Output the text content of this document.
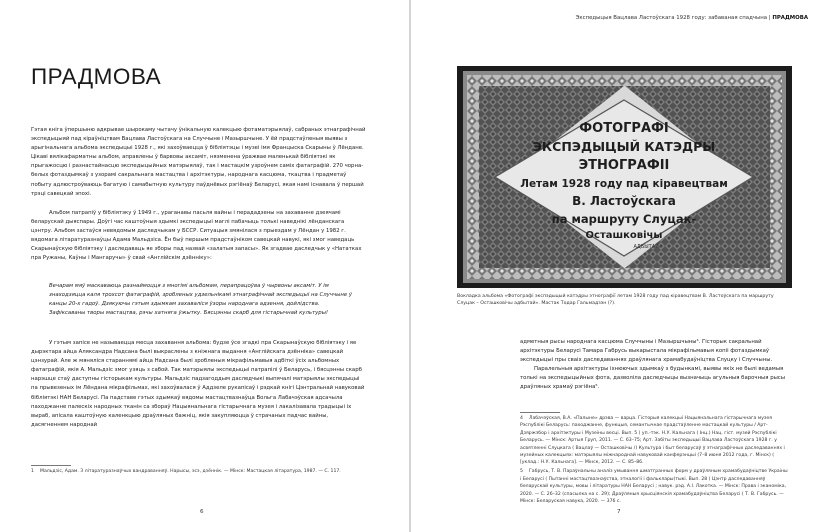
ПРАДМОВА

Гэтая кніга ўпершыню адкрывае шырокаму чытачу ўнікальную калекцыю фотаматэрыялаў, сабраных этнаграфічнай экспедыцыяй пад кіраўніцтвам Вацлава Ластоўскага на Случчыне і Мазыршчыне. У ёй прадстаўленыя выявы з арыгінальнага альбома экспедыцыі 1928 г., які захоўваецца ў бібліятэцы і музеі імя Францыска Скарыны ў Лёндане. Цікаві вялікафарматны альбом, аправлены ў барвовы аксаміт, нязменена ўражвае маленькай бібліятэкі як прыгажосцю і разнастайнасцю экспедыцыйных матэрыялаў, так і мастацкім узроўнем саміх фатаграфій. 270 чорна-белых фотаздымкаў з узорамі сакральнага мастацтва і архітэктуры, народнага касцюма, ткацтва і прадметаў побыту адлюстроўваюць багатую і самабытную культуру паўднёвых рэгіёнаў Беларусі, якая намі існавала ў першай трэці савецкай эпохі.

Альбом патрапіў у бібліятэку ў 1949 г., ураганавы пасьля вайны і перададзены на захаванне дзеячамі беларускай дыяспары. Доўгі час каштоўныя здымкі экспедыцыі маглі пабачыць толькі наведнікі лёнданскага цэнтру. Альбом застаўся невядомым даследчыкам у БССР. Ситуацыя змянілася з прыездам у Лёндан у 1982 г. вядомага літаратуразнаўцы Адама Мальдзіса. Ён быў першым прадстаўніком савецкай навукі, які змог наведаць Скарынаўскую бібліятэку і даследаваць яе зборы пад назвай «залатыя запасы». Як згадвае даследчык у «Нататках пра Ружаны, Каўны і Мангаручы» ў свай «Англійскім дзённіку»:

Вечарам мяў маскаваюць разнаймоцця з многімі альбомам, перапрацоўва ў чырвоны аксаміт. У ім знаходзяцца каля трохсот фатаграфій, зробленых удзельнікамі этнаграфічнай экспедыцыі на Случчыне ў канцы 20-х гадоў. Дзякуючы гэтым здымкам захаваліся ўзоры народнага адзення, дойлідства. Зафіксаваны творы мастацтва, рэчы хатняга ўжытку. Бясцэнны скарб для гістарычнай культуры!

У гэтым запісе не называецца месца захавання альбома: будзе ўсе згадкі пра Скарынаўскую бібліятэку і яе дырэктара айца Аляксандра Надсана былі выкраслены з кніжнага выдання «Англійскага дзённіка» савецкай цэнзурай. Але ж мяняліся стараннямі айца Надсана былі зробленыя мікрафільмавыя адбіткі ўсіх альбомных фатаграфій, якія А. Мальдзіс змог узяць з сабой. Так матэрыялы экспедыцыі патрапілі ў Беларусь, і бясцэнны скарб нарэшце стаў даступны гісторыкам культуры. Мальдзіс падзагоддым даследчыкі выпячалі матэрыялы экспедыцыі па прывезеных ім Лёндана мікрафільмах, які захоўвалася ў Аддзеле рукапісаў і рэдкай кнігі Цэнтральнай навуковай бібліятэкі НАН Беларусі. Па падставе гэтых здымкаў вядомы мастацтвазнаўца Вольга Лабачэўская адсачыла паходжанне палескіх народных тканін са збораў Нацыянальнага гістарычнага музея і лакалізавала традыцыі іх выраб, апісала каштоўную каленкцыю драўляных бажніц, якія закупляюцца ў страчаных падчас вайны, дасягненнем народнай

1 Мальдзіс, Адам. З літаратуразнаўчых вандраванняў. Нарысы, эсэ, дзённік. — Мінск: Мастацкая літаратура, 1987. — С. 117.

6
Экспедыцыя Вацлава Ластоўскага 1928 году: забаваная спадчына | ПРАДМОВА
ФОТОГРАФІ
ЭКСПЭДЫЦЫЙ КАТЭДРЫ
ЭТНОГРАФІІ
Летам 1928 году пад кіравецтвам
В. Ластоўскага
па маршруту Слуцак-
Осташковічы
АДБЫТАЙ.
Вокладка альбома «Фотографі экспэдыцый катэдры этнографії летам 1928 году пад кіравецтвам В. Ластоўскага па маршруту Слуцак – Осташковічы адбытай». Мастак Тодар Гальмадзэн (?).

адметныя рысы народнага касцюма Случчыны і Мазыршчыны⁴. Гісторык сакральнай архітэктуры Беларусі Тамара Габрусь выкарыстала мікрафільмавыя копіі фотаздымкаў экспедыцыі пры сваіх даследаваннях драўлянага храмабудаўніцтва Слуцку і Случчыны.

Паралельныя архітэктуры іхнюючых здымкаў з будынкамі, выявы якіх не былі ведамыя толькі на экспедыцыйных фота, дазволіла даследчыцы вызначыць агульныя барочныя рысы драўляных храмаў рэгіёна⁵.

4 Лабачэўская, В.А. «Палыне» дрэва — варца. Гісторыя калекцыі Нацыянальнага гістарычнага музея Рэспублікі Беларусь: паходжанне, функцыя, семантычнае прадстаўленне мастацкай культуры / Арт-Дзяржзбор і архітэктуры і Музеіны весці. Вып. 5 ( уп.-тэк. Н.У. Кальнага ( Інц.) Нац. гіст. музей Рэспублікі Беларусь. — Мінск: Артыя Груп, 2011. — С. 63–75; Арт. Забіты экспедыцыі Вацлава Ластоўскага 1928 г. у асвятленні Слуцкага ( Вацлаў — Осташковічы /) Культура і быт беларусаў ў этнаграфічных даследаваннях і музейных калекцыях: матэрыялы міжнароднай навуковай канферэнцыі (7–8 июня 2012 года, г. Мінск) ( [уклад.: Н.У. Кальнага]. — Мінск, 2012. — С. 85–86.

5 Габрусь, Т. В. Параўнальны аналіз умывання шматгранных форм у драўляным храмабудаўніцтве Украіны і Беларусі ( Пытанні мастацтвазнаўства, этналогіі і фальклары(тыкі. Вып. 28 ( Цэнтр даследаванняў беларускай культуры, мовы і літаратуры НАН Беларусі ; навук. рэд. А.І. Лакотка. — Мінск: Права і эканоміка, 2020. — С. 26–32 (спасылка на с. 29); Драўляныя хрысціянскія храмабудаўніцтва Беларусі ( Т. В. Габрусь. — Мінск: Беларуская навука, 2020. — 376 с.

7
